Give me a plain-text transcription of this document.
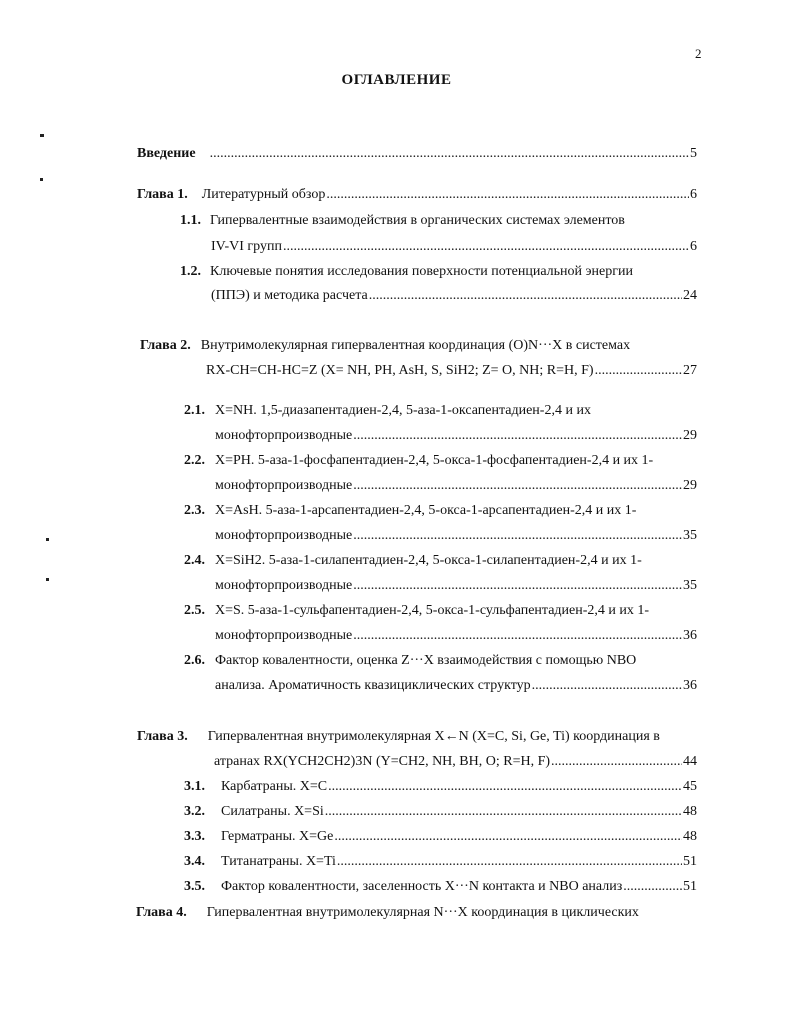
2
ОГЛАВЛЕНИЕ
Введение .....	5
Глава 1. Литературный обзор .....	6
1.1. Гипервалентные взаимодействия в органических системах элементов
IV-VI групп .....	6
1.2. Ключевые понятия исследования поверхности потенциальной энергии
(ППЭ) и методика расчета .....	24
Глава 2. Внутримолекулярная гипервалентная координация (O)N···X в системах
RX-CH=CH-HC=Z (X= NH, PH, AsH, S, SiH2; Z= O, NH; R=H, F) .....	27
2.1. X=NH. 1,5-диазапентадиен-2,4, 5-аза-1-оксапентадиен-2,4 и их
монофторпроизводные .....	29
2.2. X=PH. 5-аза-1-фосфапентадиен-2,4, 5-окса-1-фосфапентадиен-2,4 и их 1-
монофторпроизводные .....	29
2.3. X=AsH. 5-аза-1-арсапентадиен-2,4, 5-окса-1-арсапентадиен-2,4 и их 1-
монофторпроизводные .....	35
2.4. X=SiH2. 5-аза-1-силапентадиен-2,4, 5-окса-1-силапентадиен-2,4 и их 1-
монофторпроизводные .....	35
2.5. X=S. 5-аза-1-сульфапентадиен-2,4, 5-окса-1-сульфапентадиен-2,4 и их 1-
монофторпроизводные .....	36
2.6. Фактор ковалентности, оценка Z···X взаимодействия с помощью NBO
анализа. Ароматичность квазициклических структур .....	36
Глава 3. Гипервалентная внутримолекулярная X←N (X=C, Si, Ge, Ti) координация в
атранах RX(YCH2CH2)3N (Y=CH2, NH, BH, O; R=H, F) .....	44
3.1.	Карбатраны. X=C .....	45
3.2.	Силатраны. X=Si .....	48
3.3.	Герматраны. X=Ge .....	48
3.4.	Титанатраны. X=Ti .....	51
3.5.	Фактор ковалентности, заселенность X···N контакта и NBO анализ .....	51
Глава 4. Гипервалентная внутримолекулярная N···X координация в циклических
